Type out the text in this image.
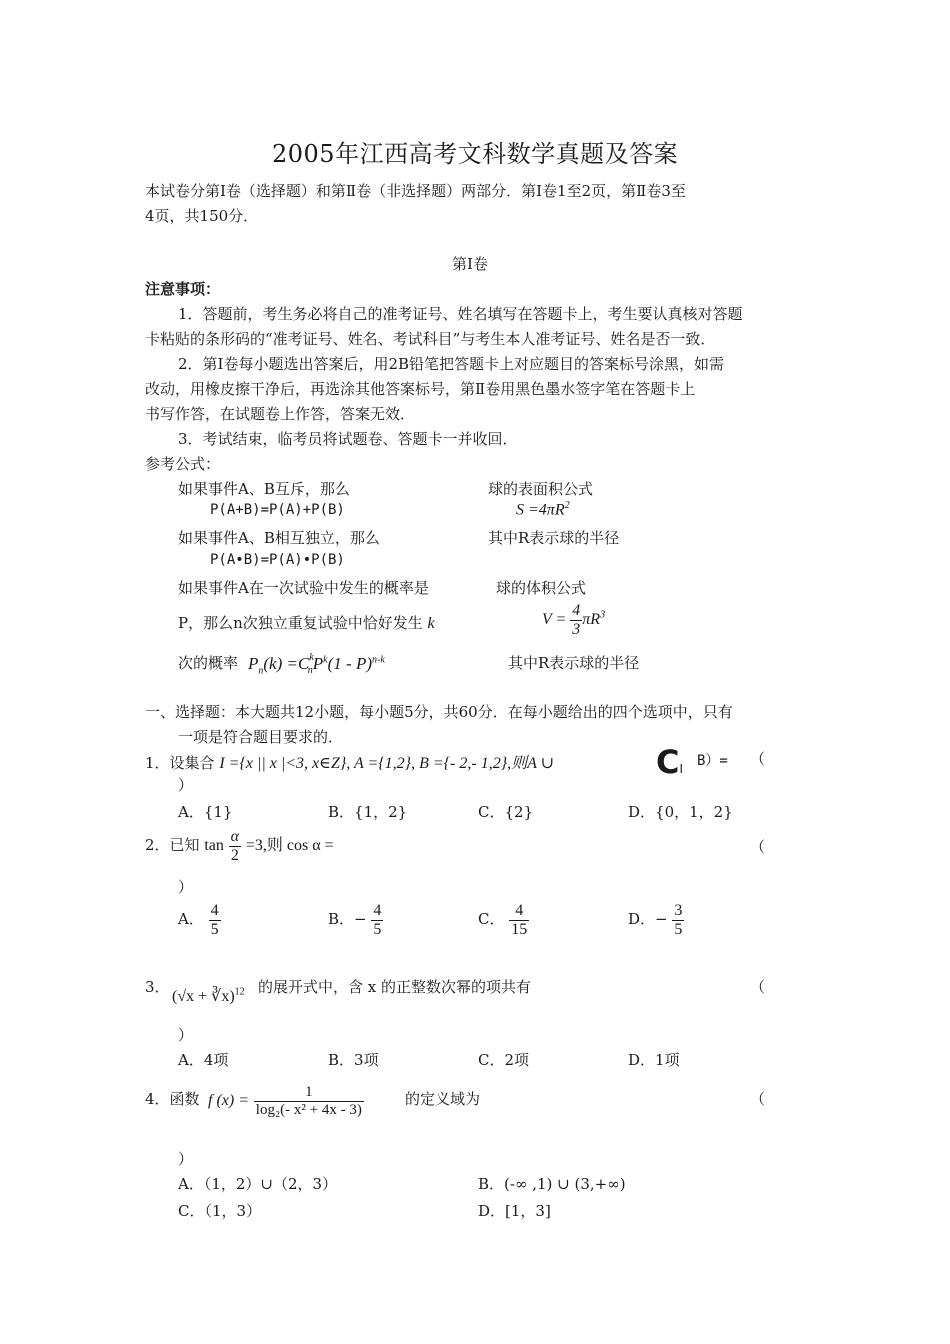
2005年江西高考文科数学真题及答案
本试卷分第Ⅰ卷（选择题）和第Ⅱ卷（非选择题）两部分．第Ⅰ卷1至2页，第Ⅱ卷3至
4页，共150分．
第Ⅰ卷
注意事项：
1．答题前，考生务必将自己的准考证号、姓名填写在答题卡上，考生要认真核对答题
卡粘贴的条形码的“准考证号、姓名、考试科目”与考生本人准考证号、姓名是否一致．
2．第Ⅰ卷每小题选出答案后，用2B铅笔把答题卡上对应题目的答案标号涂黑，如需
改动，用橡皮擦干净后，再选涂其他答案标号，第Ⅱ卷用黑色墨水签字笔在答题卡上
书写作答，在试题卷上作答，答案无效．
3．考试结束，临考员将试题卷、答题卡一并收回．
参考公式：
如果事件A、B互斥，那么
P(A+B)=P(A)+P(B)
如果事件A、B相互独立，那么
P(A•B)=P(A)•P(B)
如果事件A在一次试验中发生的概率是
P，那么n次独立重复试验中恰好发生 k
次的概率 $P_n(k) =C^k_nP^k(1 - P)^{n-k}$
球的表面积公式
$S =4\pi R^2$
其中R表示球的半径
球的体积公式
$V = \frac{4}{3} \pi R^3$
其中R表示球的半径
一、选择题：本大题共12小题，每小题5分，共60分．在每小题给出的四个选项中，只有
一项是符合题目要求的．
1．设集合 I ={x || x |<3, x∈Z}, A ={1,2}, B ={- 2,- 1,2},则A ∪	CI B）= （
）
A．{1}	B．{1，2}	C．{2}	D．{0，1，2}
2．已知 $\tan \frac{\alpha}{2} =3$,则 cos α =	（
）
A． $\frac{4}{5}$	B．− $\frac{4}{5}$	C． $\frac{4}{15}$	D．− $\frac{3}{5}$
3．
(√x + ∛x)$^{12}$ 的展开式中，含 x 的正整数次幂的项共有	（
）
A．4项	B．3项	C．2项	D．1项
4．函数 f $(x) = \frac{1}{\text{log₂(- x² + 4x - 3)}}$	的定义域为	（
）
A．（1，2）∪（2，3）	B．(-∞ ,1) ∪ (3,+∞)
C．（1，3）	D．[1，3]
